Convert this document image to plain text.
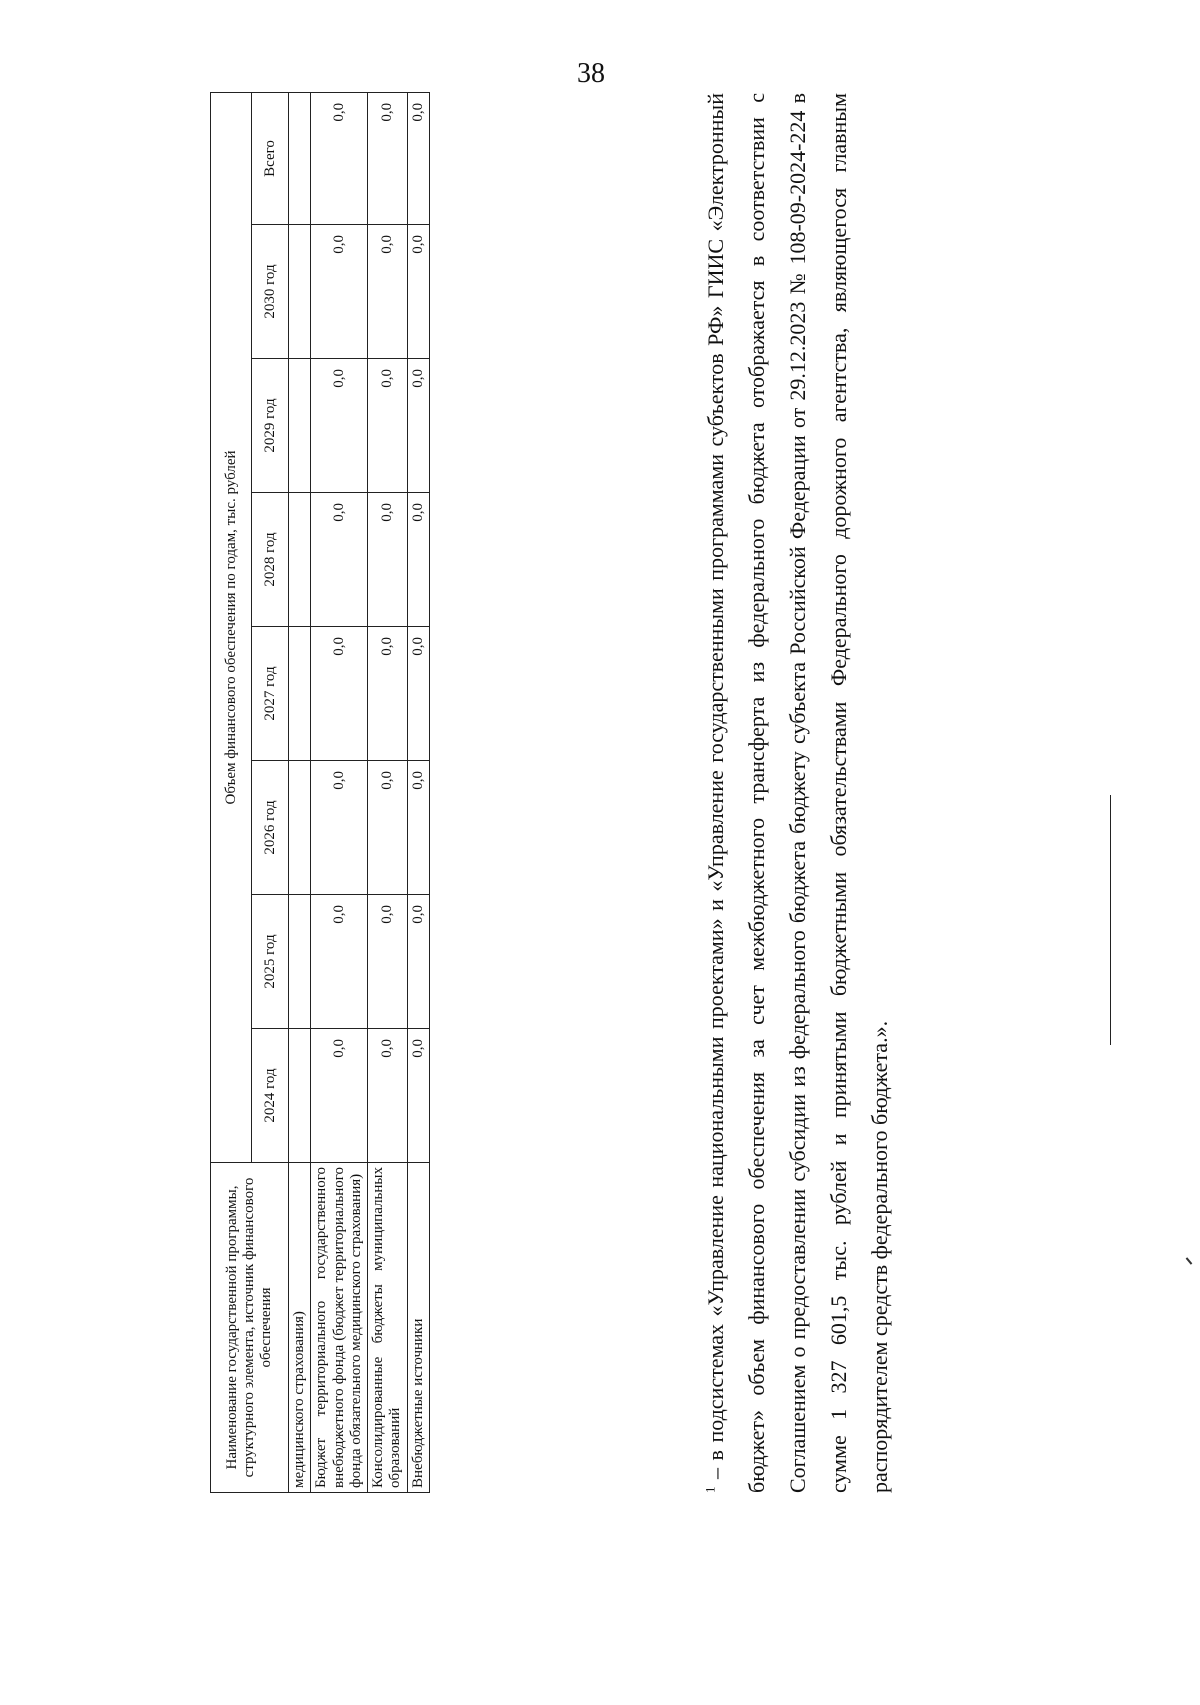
38
Наименование государственной программы, структурного элемента, источник финансового обеспечения	Объем финансового обеспечения по годам, тыс. рублей							
	2024 год	2025 год	2026 год	2027 год	2028 год	2029 год	2030 год	Всего
медицинского страхования)								
Бюджет территориального государственного внебюджетного фонда (бюджет территориального фонда обязательного медицинского страхования)	0,0	0,0	0,0	0,0	0,0	0,0	0,0	0,0
Консолидированные бюджеты муниципальных образований	0,0	0,0	0,0	0,0	0,0	0,0	0,0	0,0
Внебюджетные источники	0,0	0,0	0,0	0,0	0,0	0,0	0,0	0,0
$^1$ – в подсистемах «Управление национальными проектами» и «Управление государственными программами субъектов РФ» ГИИС «Электронный бюджет» объем финансового обеспечения за счет межбюджетного трансферта из федерального бюджета отображается в соответствии с Соглашением о предоставлении субсидии из федерального бюджета бюджету субъекта Российской Федерации от 29.12.2023 № 108-09-2024-224 в сумме 1 327 601,5 тыс. рублей и принятыми бюджетными обязательствами Федерального дорожного агентства, являющегося главным распорядителем средств федерального бюджета.».
